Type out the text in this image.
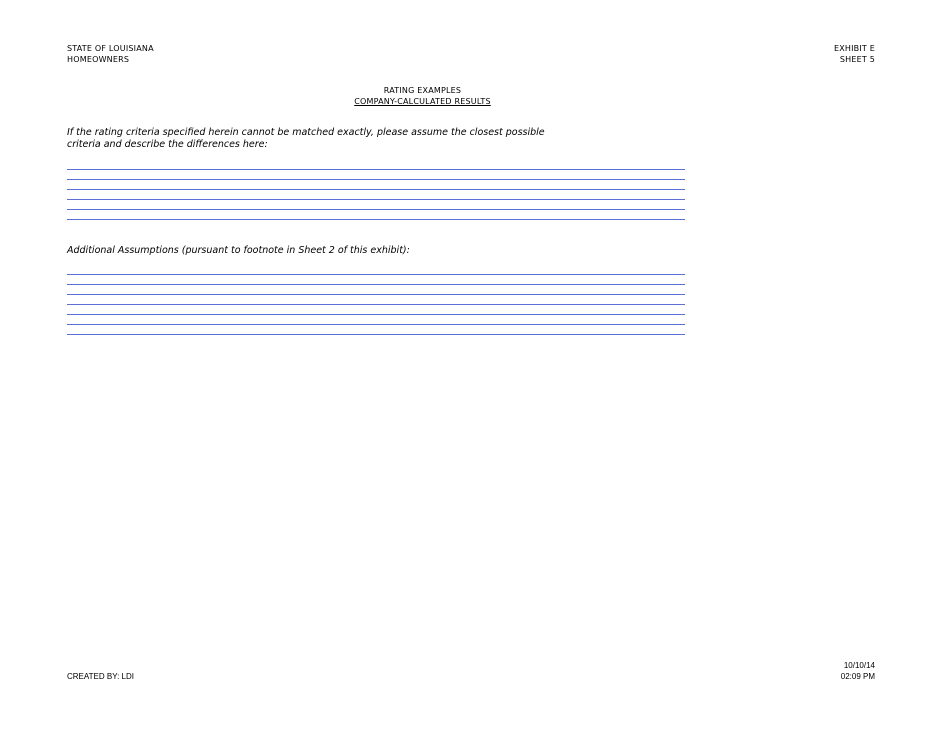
STATE OF LOUISIANA
HOMEOWNERS
EXHIBIT E
SHEET 5
RATING EXAMPLES
COMPANY-CALCULATED RESULTS
If the rating criteria specified herein cannot be matched exactly, please assume the closest possible
criteria and describe the differences here:
Additional Assumptions (pursuant to footnote in Sheet 2 of this exhibit):
CREATED BY: LDI
10/10/14
02:09 PM
